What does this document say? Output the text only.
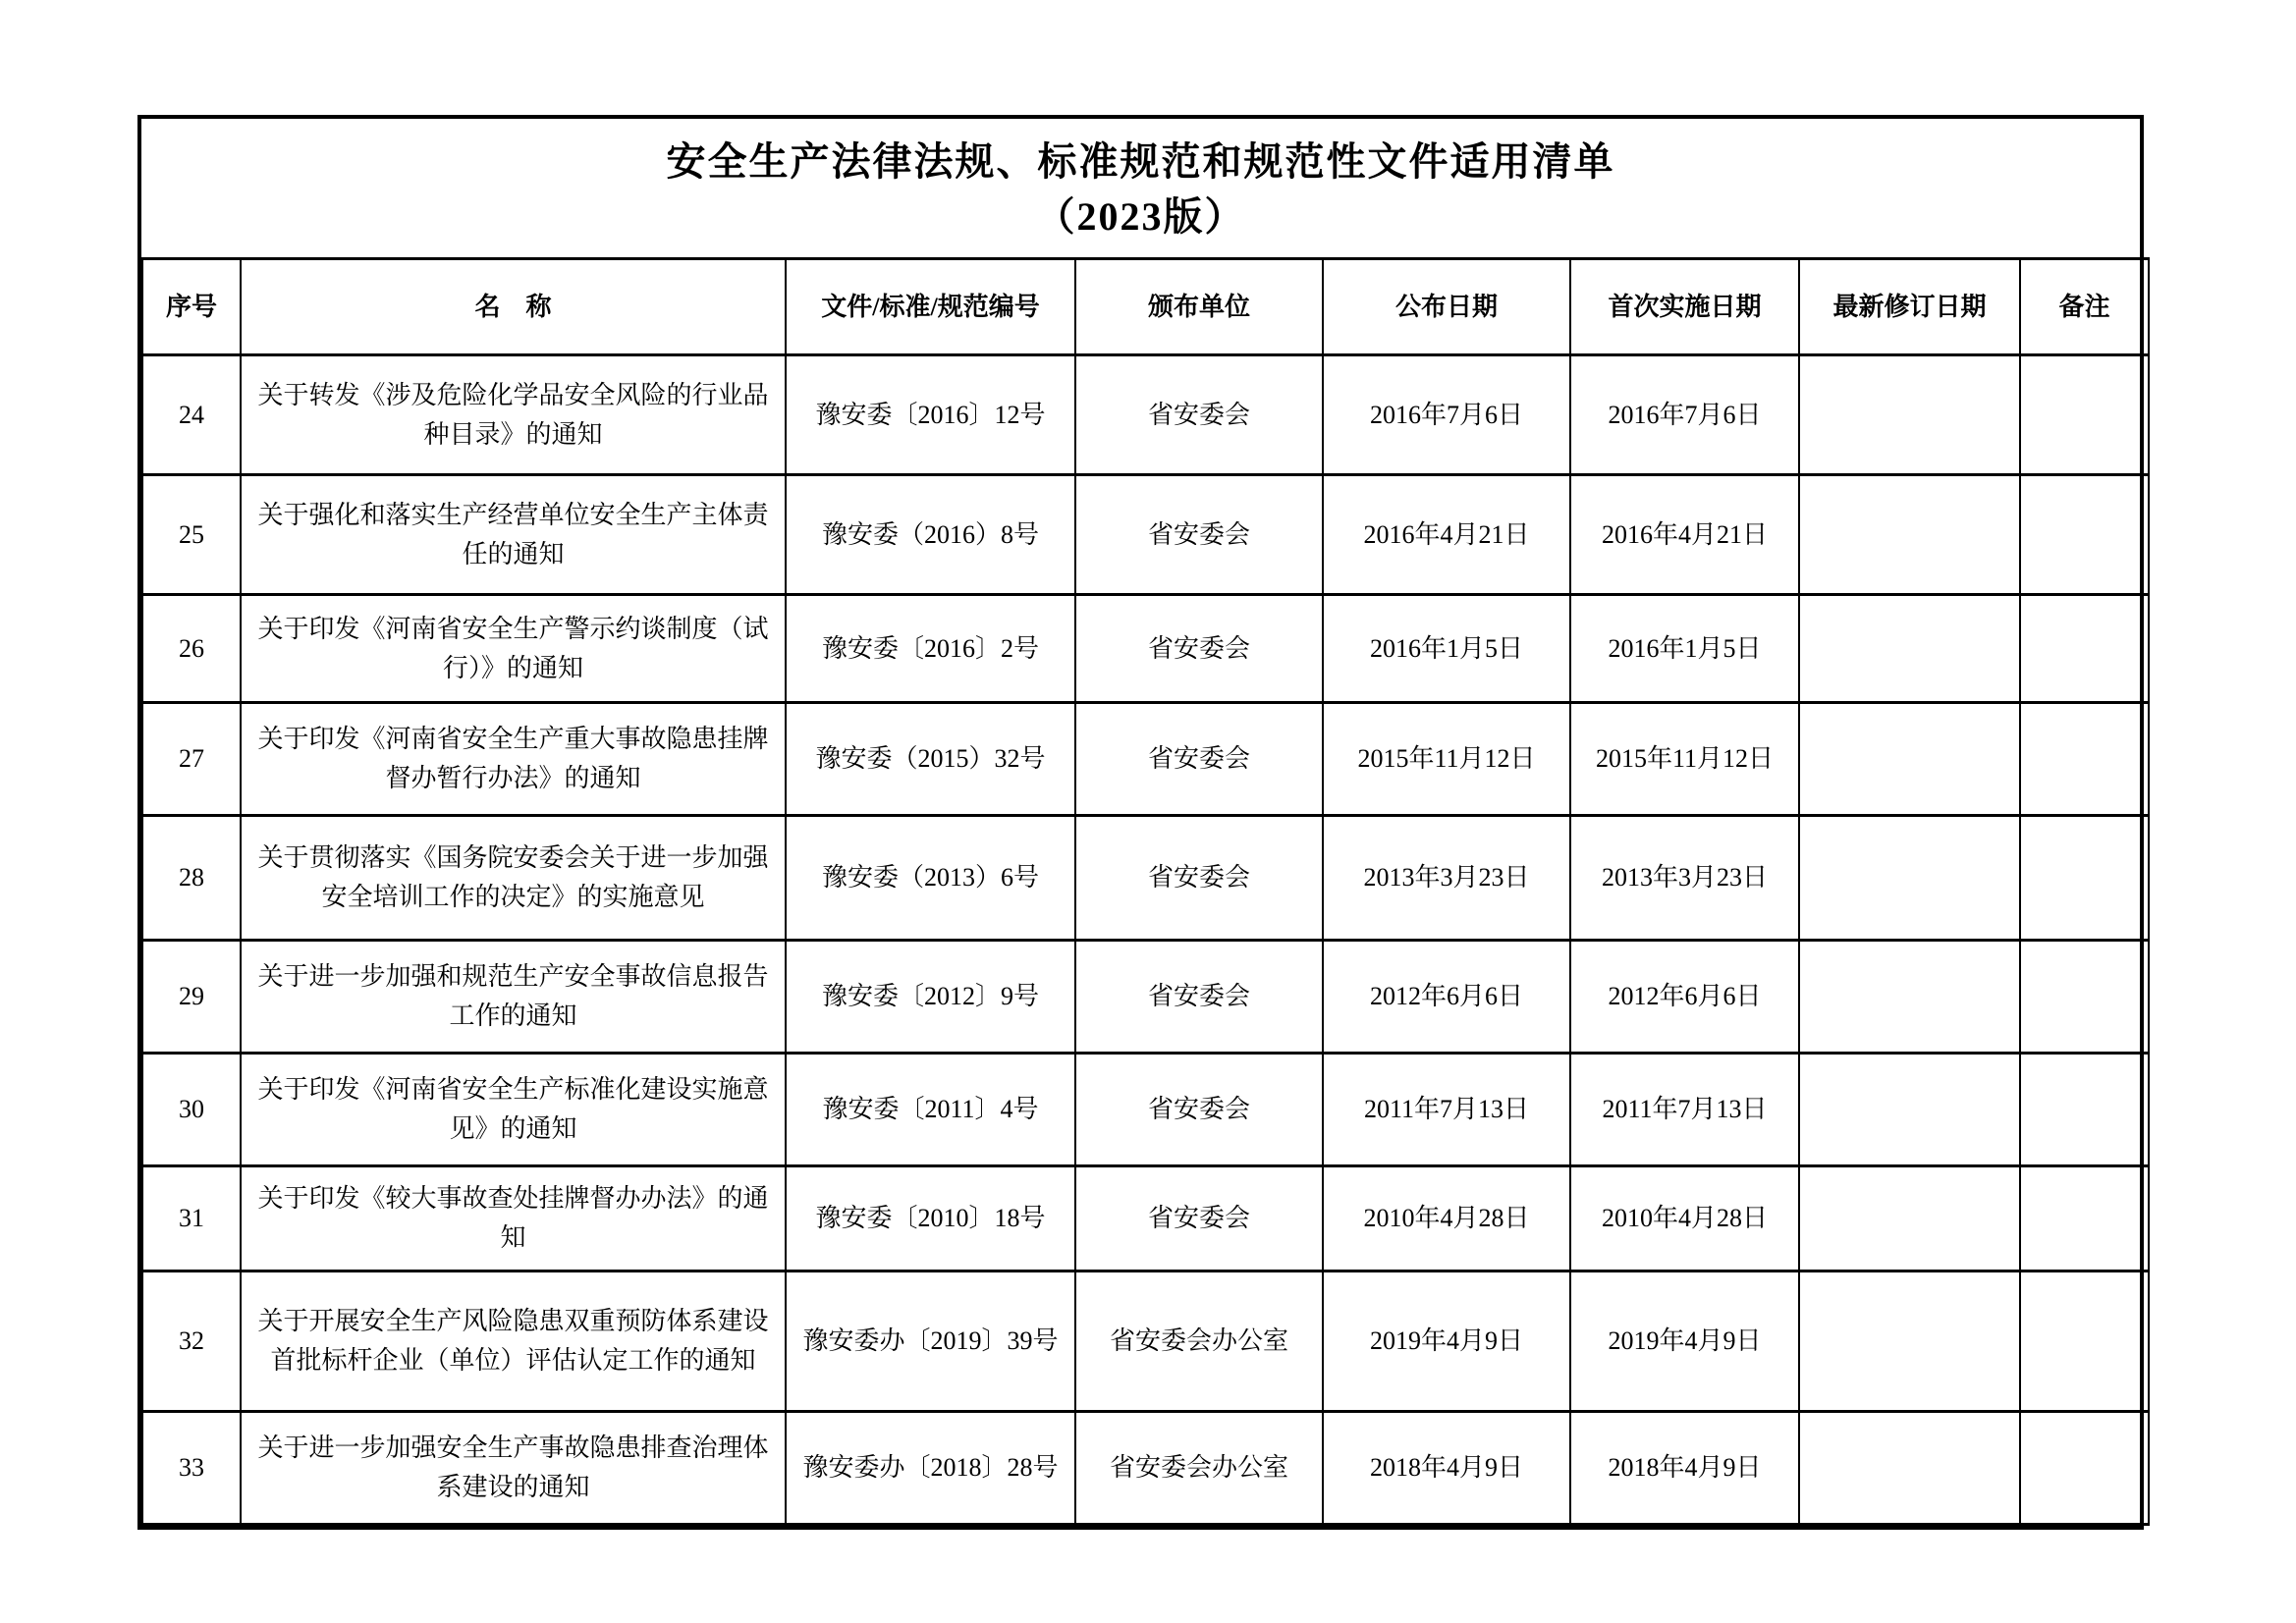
安全生产法律法规、标准规范和规范性文件适用清单
（2023版）
序号	名　称	文件/标准/规范编号	颁布单位	公布日期	首次实施日期	最新修订日期	备注
24	关于转发《涉及危险化学品安全风险的行业品种目录》的通知	豫安委〔2016〕12号	省安委会	2016年7月6日	2016年7月6日		
25	关于强化和落实生产经营单位安全生产主体责任的通知	豫安委（2016）8号	省安委会	2016年4月21日	2016年4月21日		
26	关于印发《河南省安全生产警示约谈制度（试行）》的通知	豫安委〔2016〕2号	省安委会	2016年1月5日	2016年1月5日		
27	关于印发《河南省安全生产重大事故隐患挂牌督办暂行办法》的通知	豫安委（2015）32号	省安委会	2015年11月12日	2015年11月12日		
28	关于贯彻落实《国务院安委会关于进一步加强安全培训工作的决定》的实施意见	豫安委（2013）6号	省安委会	2013年3月23日	2013年3月23日		
29	关于进一步加强和规范生产安全事故信息报告工作的通知	豫安委〔2012〕9号	省安委会	2012年6月6日	2012年6月6日		
30	关于印发《河南省安全生产标准化建设实施意见》的通知	豫安委〔2011〕4号	省安委会	2011年7月13日	2011年7月13日		
31	关于印发《较大事故查处挂牌督办办法》的通知	豫安委〔2010〕18号	省安委会	2010年4月28日	2010年4月28日		
32	关于开展安全生产风险隐患双重预防体系建设首批标杆企业（单位）评估认定工作的通知	豫安委办〔2019〕39号	省安委会办公室	2019年4月9日	2019年4月9日		
33	关于进一步加强安全生产事故隐患排查治理体系建设的通知	豫安委办〔2018〕28号	省安委会办公室	2018年4月9日	2018年4月9日		
